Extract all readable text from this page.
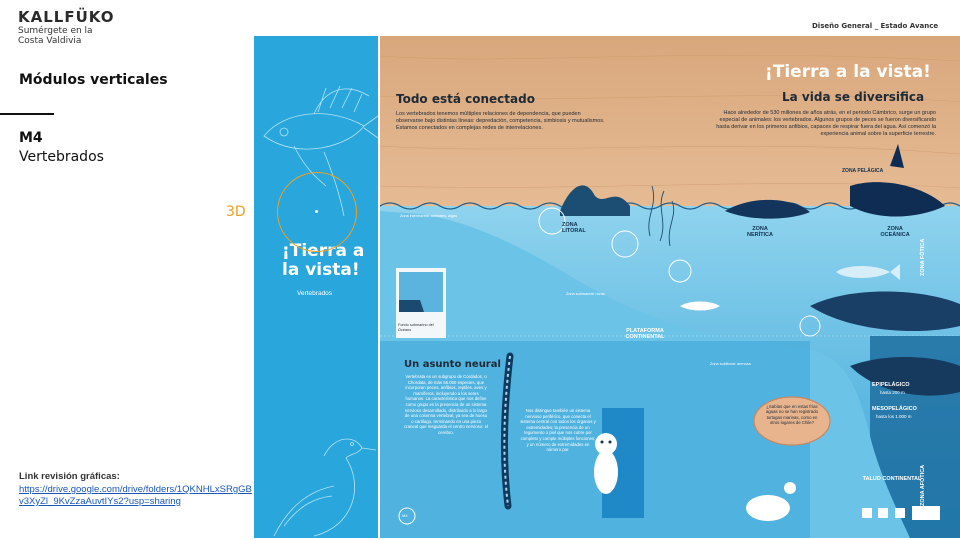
KALLFÜKO
Sumérgete en la Costa Valdivia
Diseño General _ Estado Avance
Módulos verticales
M4
Vertebrados
3D
Link revisión gráficas:
https://drive.google.com/drive/folders/1QKNHLxSRgGBv3XyZl_9KvZzaAuvtIYs2?usp=sharing
¡Tierra a la vista!
Vertebrados
¡Tierra a la vista!
Todo está conectado
Los vertebrados tenemos múltiples relaciones de dependencia, que pueden observarse bajo distintas líneas: depredación, competencia, simbiosis y mutualismos. Estamos conectados en complejas redes de interrelaciones.
La vida se diversifica
Hace alrededor de 530 millones de años atrás, en el periodo Cámbrico, surge un grupo especial de animales: los vertebrados. Algunos grupos de peces se fueron diversificando hasta derivar en los primeros anfibios, capaces de respirar fuera del agua. Así comenzó la experiencia animal sobre la superficie terrestre.
ZONA PELÁGICA
ZONA LITORAL	ZONA NERÍTICA
ZONA OCEÁNICA
ZONA FÓTICA
ZONA AFÓTICA
PLATAFORMA CONTINENTAL
TALUD CONTINENTAL
EPIPELÁGICO
hasta 200 m
MESOPELÁGICO
hasta los 1.000 m
Zona intermareal: animales, algas
Zona submareal: rocas
Zona sublitoral: arenosa
Fondo submarino del Océano
Un asunto neural
Vertebrata es un subgrupo de Cordados, o Chordata, de más 55.000 especies, que incorporan peces, anfibios, reptiles, aves y mamíferos, incluyendo a los seres humanos. La característica que nos define como grupo es la presencia de un sistema nervioso desarrollado, distribuido a lo largo de una columna vertebral, ya sea de hueso o cartílago, terminando en una pieza craneal que resguarda el centro nervioso: el cerebro.
Nos distingue también un sistema nervioso periférico, que conecta el sistema central con todos los órganos y extremidades; la presencia de un tegumento o piel que nos cubre por completo y cumple múltiples funciones; y un número de extremidades en número par.
¿Sabías que en estas frías aguas no se han registrado tortugas marinas, como en otros lugares de Chile?
M4
